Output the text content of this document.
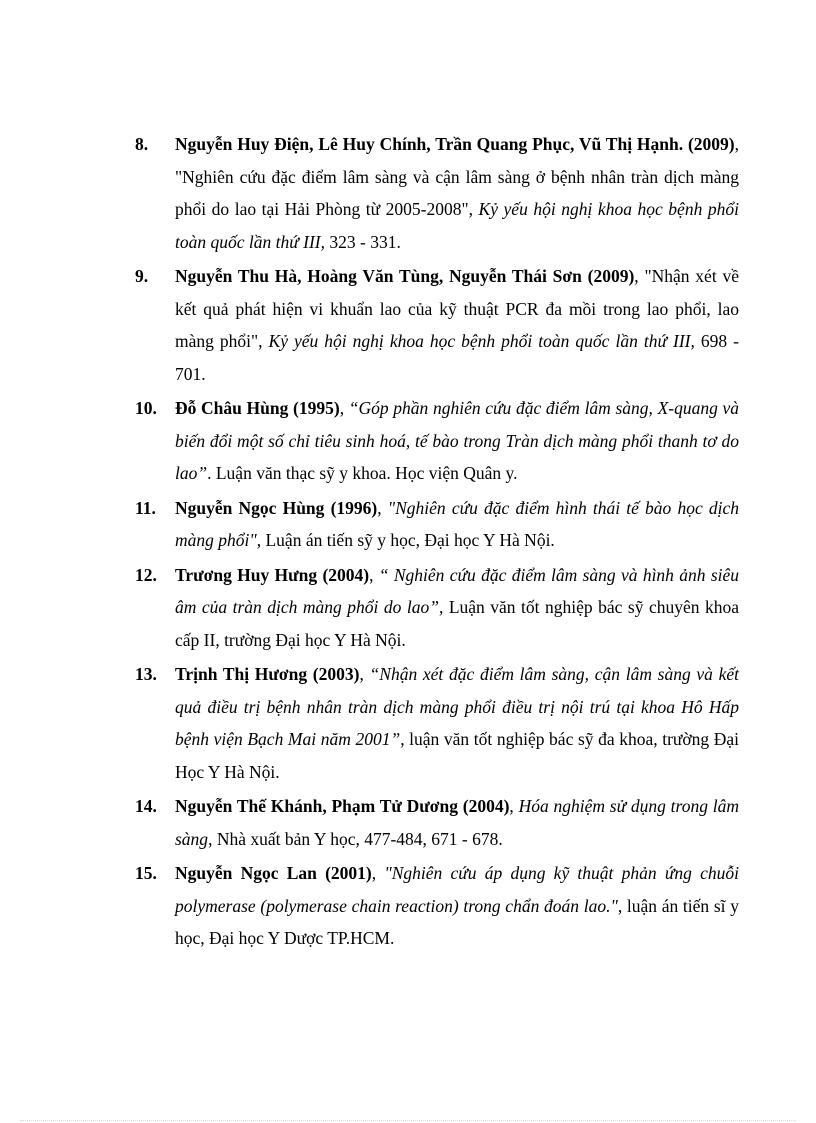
8.	Nguyễn Huy Điện, Lê Huy Chính, Trần Quang Phục, Vũ Thị Hạnh. (2009), "Nghiên cứu đặc điểm lâm sàng và cận lâm sàng ở bệnh nhân tràn dịch màng phổi do lao tại Hải Phòng từ 2005-2008", Kỷ yếu hội nghị khoa học bệnh phổi toàn quốc lần thứ III, 323 - 331.
9.	Nguyễn Thu Hà, Hoàng Văn Tùng, Nguyễn Thái Sơn (2009), "Nhận xét về kết quả phát hiện vi khuẩn lao của kỹ thuật PCR đa mồi trong lao phổi, lao màng phổi", Kỷ yếu hội nghị khoa học bệnh phổi toàn quốc lần thứ III, 698 - 701.
10.	Đỗ Châu Hùng (1995), “Góp phần nghiên cứu đặc điểm lâm sàng, X-quang và biến đổi một số chỉ tiêu sinh hoá, tế bào trong Tràn dịch màng phổi thanh tơ do lao”. Luận văn thạc sỹ y khoa. Học viện Quân y.
11.	Nguyễn Ngọc Hùng (1996), "Nghiên cứu đặc điểm hình thái tế bào học dịch màng phổi", Luận án tiến sỹ y học, Đại học Y Hà Nội.
12.	Trương Huy Hưng (2004), “ Nghiên cứu đặc điểm lâm sàng và hình ảnh siêu âm của tràn dịch màng phổi do lao”, Luận văn tốt nghiệp bác sỹ chuyên khoa cấp II, trường Đại học Y Hà Nội.
13.	Trịnh Thị Hương (2003), “Nhận xét đặc điểm lâm sàng, cận lâm sàng và kết quả điều trị bệnh nhân tràn dịch màng phổi điều trị nội trú tại khoa Hô Hấp bệnh viện Bạch Mai năm 2001”, luận văn tốt nghiệp bác sỹ đa khoa, trường Đại Học Y Hà Nội.
14.	Nguyễn Thế Khánh, Phạm Tử Dương (2004), Hóa nghiệm sử dụng trong lâm sàng, Nhà xuất bản Y học, 477-484, 671 - 678.
15.	Nguyễn Ngọc Lan (2001), "Nghiên cứu áp dụng kỹ thuật phản ứng chuỗi polymerase (polymerase chain reaction) trong chẩn đoán lao.", luận án tiến sĩ y học, Đại học Y Dược TP.HCM.
